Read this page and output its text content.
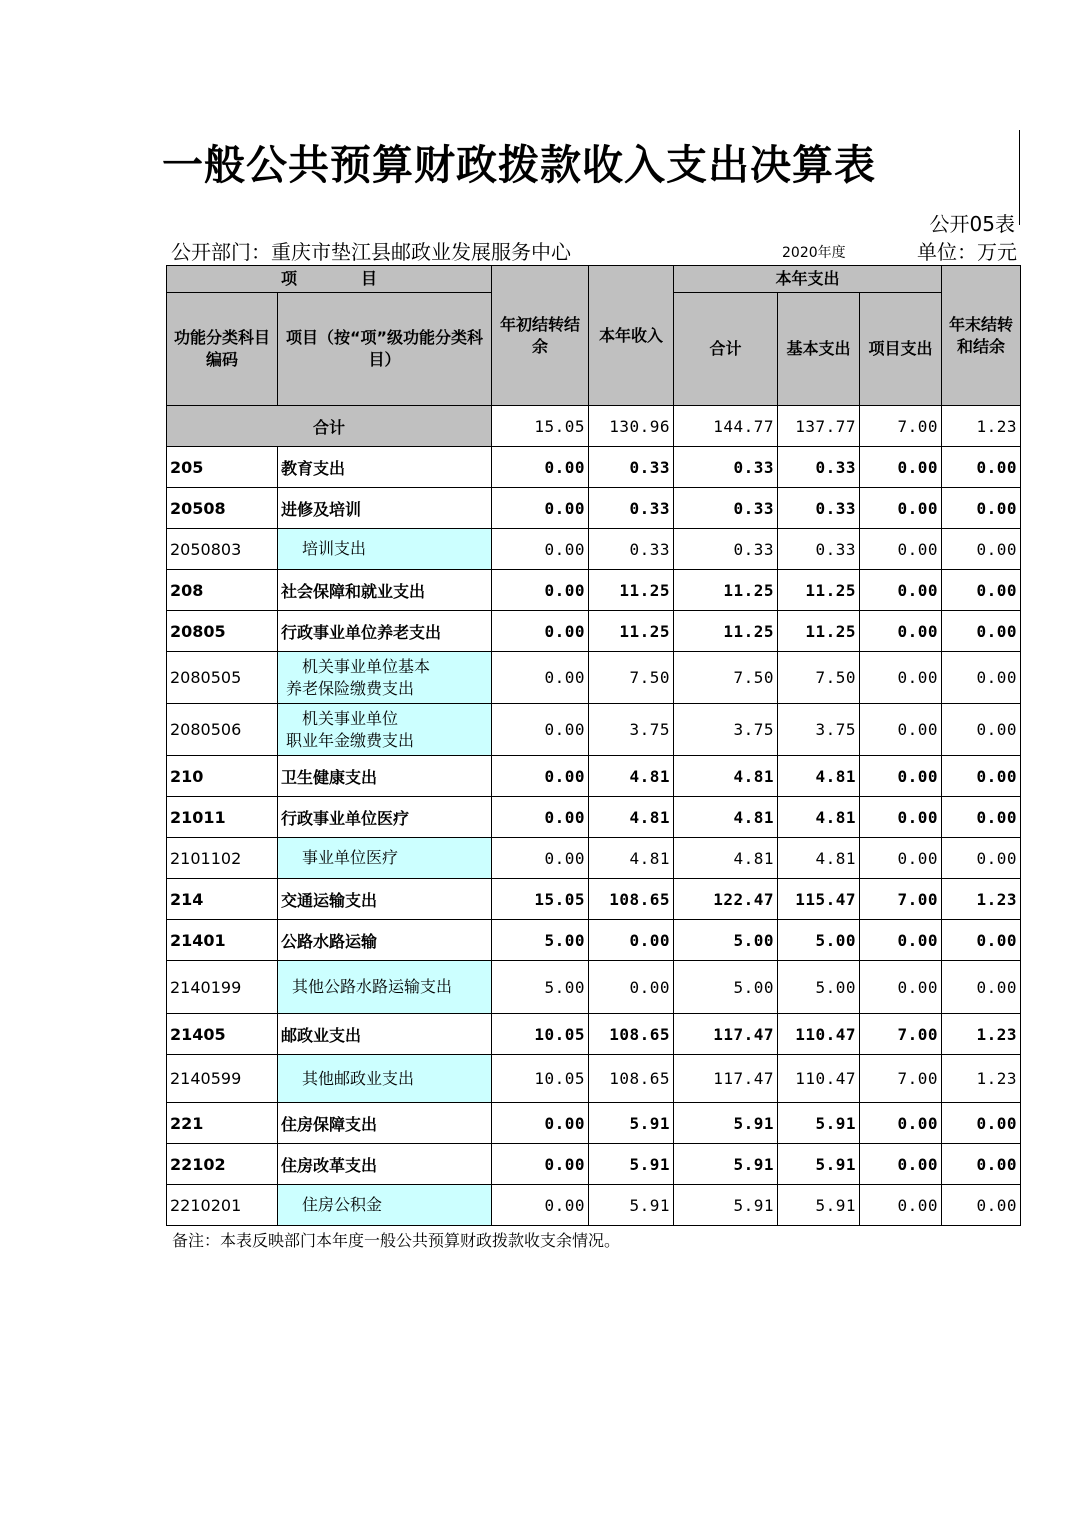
一般公共预算财政拨款收入支出决算表
公开05表
公开部门：重庆市垫江县邮政业发展服务中心	2020年度	单位：万元
项　　　　目		年初结转结余	本年收入	本年支出			年末结转和结余
功能分类科目编码	项目（按“项”级功能分类科目）			合计	基本支出	项目支出	
合计		15.05	130.96	144.77	137.77	7.00	1.23
205	教育支出	0.00	0.33	0.33	0.33	0.00	0.00
20508	进修及培训	0.00	0.33	0.33	0.33	0.00	0.00
2050803	培训支出	0.00	0.33	0.33	0.33	0.00	0.00
208	社会保障和就业支出	0.00	11.25	11.25	11.25	0.00	0.00
20805	行政事业单位养老支出	0.00	11.25	11.25	11.25	0.00	0.00
2080505	机关事业单位基本
养老保险缴费支出	0.00	7.50	7.50	7.50	0.00	0.00
2080506	机关事业单位
职业年金缴费支出	0.00	3.75	3.75	3.75	0.00	0.00
210	卫生健康支出	0.00	4.81	4.81	4.81	0.00	0.00
21011	行政事业单位医疗	0.00	4.81	4.81	4.81	0.00	0.00
2101102	事业单位医疗	0.00	4.81	4.81	4.81	0.00	0.00
214	交通运输支出	15.05	108.65	122.47	115.47	7.00	1.23
21401	公路水路运输	5.00	0.00	5.00	5.00	0.00	0.00
2140199	其他公路水路运输支出	5.00	0.00	5.00	5.00	0.00	0.00
21405	邮政业支出	10.05	108.65	117.47	110.47	7.00	1.23
2140599	其他邮政业支出	10.05	108.65	117.47	110.47	7.00	1.23
221	住房保障支出	0.00	5.91	5.91	5.91	0.00	0.00
22102	住房改革支出	0.00	5.91	5.91	5.91	0.00	0.00
2210201	住房公积金	0.00	5.91	5.91	5.91	0.00	0.00
备注：本表反映部门本年度一般公共预算财政拨款收支余情况。
